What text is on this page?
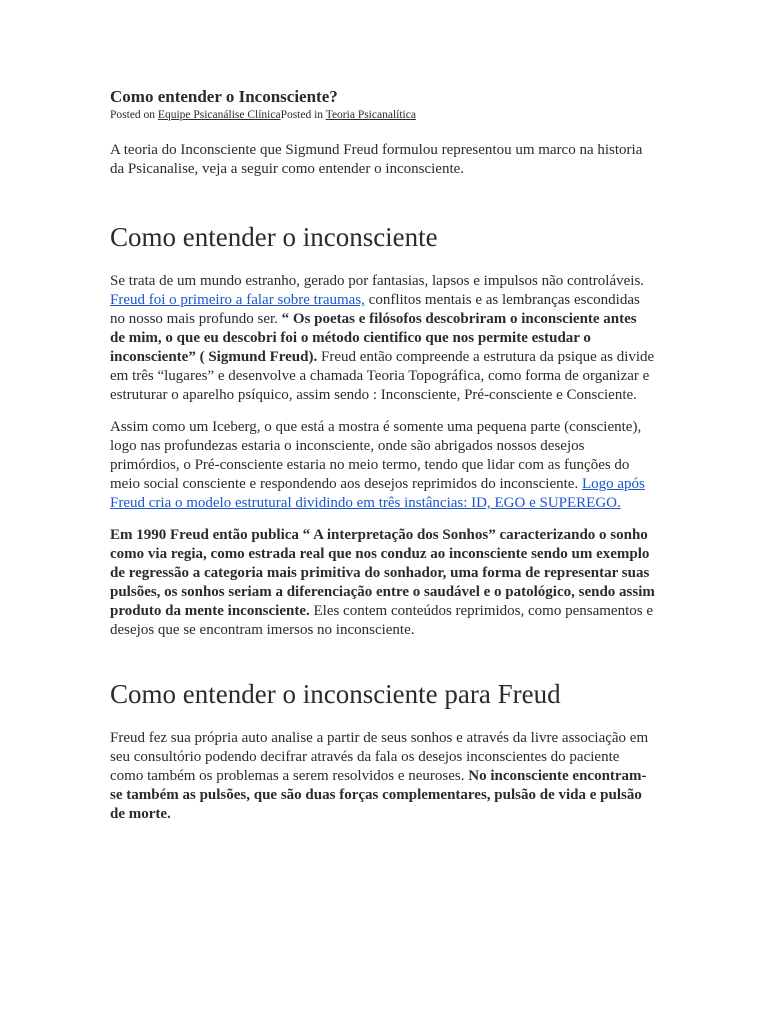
Como entender o Inconsciente?
Posted on Equipe Psicanálise ClínicaPosted in Teoria Psicanalítica

A teoria do Inconsciente que Sigmund Freud formulou representou um marco na historia da Psicanalise, veja a seguir como entender o inconsciente.

Como entender o inconsciente

Se trata de um mundo estranho, gerado por fantasias, lapsos e impulsos não controláveis. Freud foi o primeiro a falar sobre traumas, conflitos mentais e as lembranças escondidas no nosso mais profundo ser. “ Os poetas e filósofos descobriram o inconsciente antes de mim, o que eu descobri foi o método cientifico que nos permite estudar o inconsciente” ( Sigmund Freud). Freud então compreende a estrutura da psique as divide em três “lugares” e desenvolve a chamada Teoria Topográfica, como forma de organizar e estruturar o aparelho psíquico, assim sendo : Inconsciente, Pré-consciente e Consciente.

Assim como um Iceberg, o que está a mostra é somente uma pequena parte (consciente), logo nas profundezas estaria o inconsciente, onde são abrigados nossos desejos primórdios, o Pré-consciente estaria no meio termo, tendo que lidar com as funções do meio social consciente e respondendo aos desejos reprimidos do inconsciente. Logo após Freud cria o modelo estrutural dividindo em três instâncias: ID, EGO e SUPEREGO.

Em 1990 Freud então publica “ A interpretação dos Sonhos” caracterizando o sonho como via regia, como estrada real que nos conduz ao inconsciente sendo um exemplo de regressão a categoria mais primitiva do sonhador, uma forma de representar suas pulsões, os sonhos seriam a diferenciação entre o saudável e o patológico, sendo assim produto da mente inconsciente. Eles contem conteúdos reprimidos, como pensamentos e desejos que se encontram imersos no inconsciente.

Como entender o inconsciente para Freud

Freud fez sua própria auto analise a partir de seus sonhos e através da livre associação em seu consultório podendo decifrar através da fala os desejos inconscientes do paciente como também os problemas a serem resolvidos e neuroses. No inconsciente encontram-se também as pulsões, que são duas forças complementares, pulsão de vida e pulsão de morte.
